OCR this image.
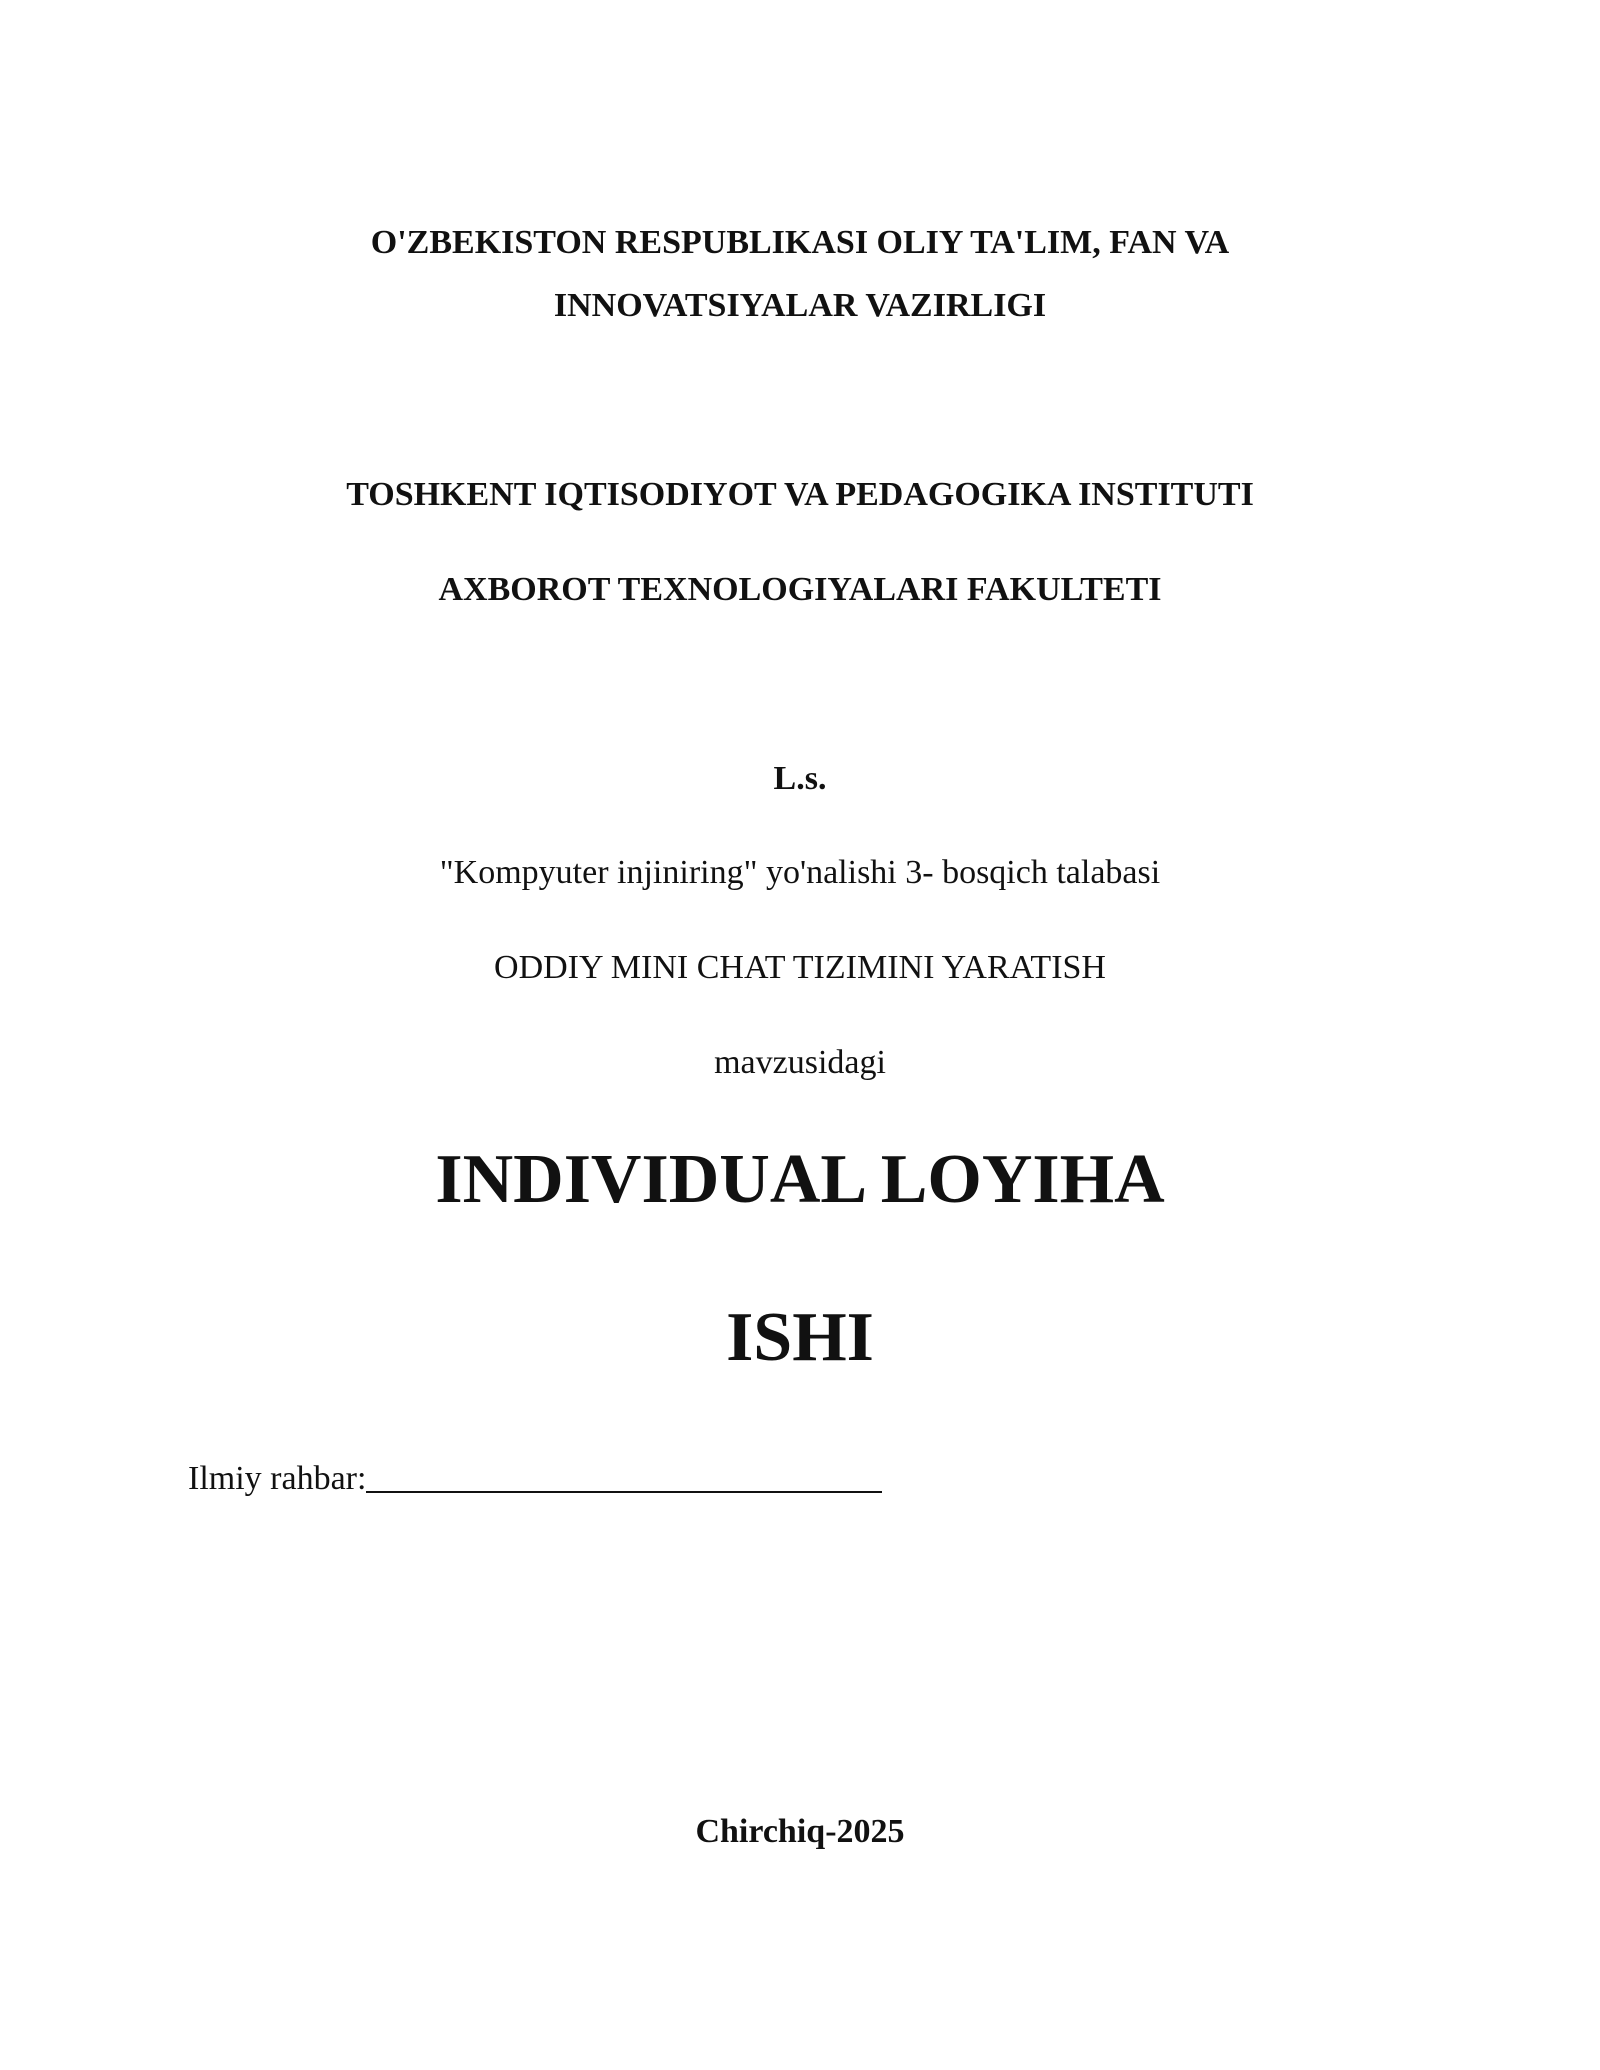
O'ZBEKISTON RESPUBLIKASI OLIY TA'LIM, FAN VA
INNOVATSIYALAR VAZIRLIGI
TOSHKENT IQTISODIYOT VA PEDAGOGIKA INSTITUTI
AXBOROT TEXNOLOGIYALARI FAKULTETI
L.s.
"Kompyuter injiniring" yo'nalishi 3- bosqich talabasi
ODDIY MINI CHAT TIZIMINI YARATISH
mavzusidagi
INDIVIDUAL LOYIHA
ISHI
Ilmiy rahbar:
Chirchiq-2025
